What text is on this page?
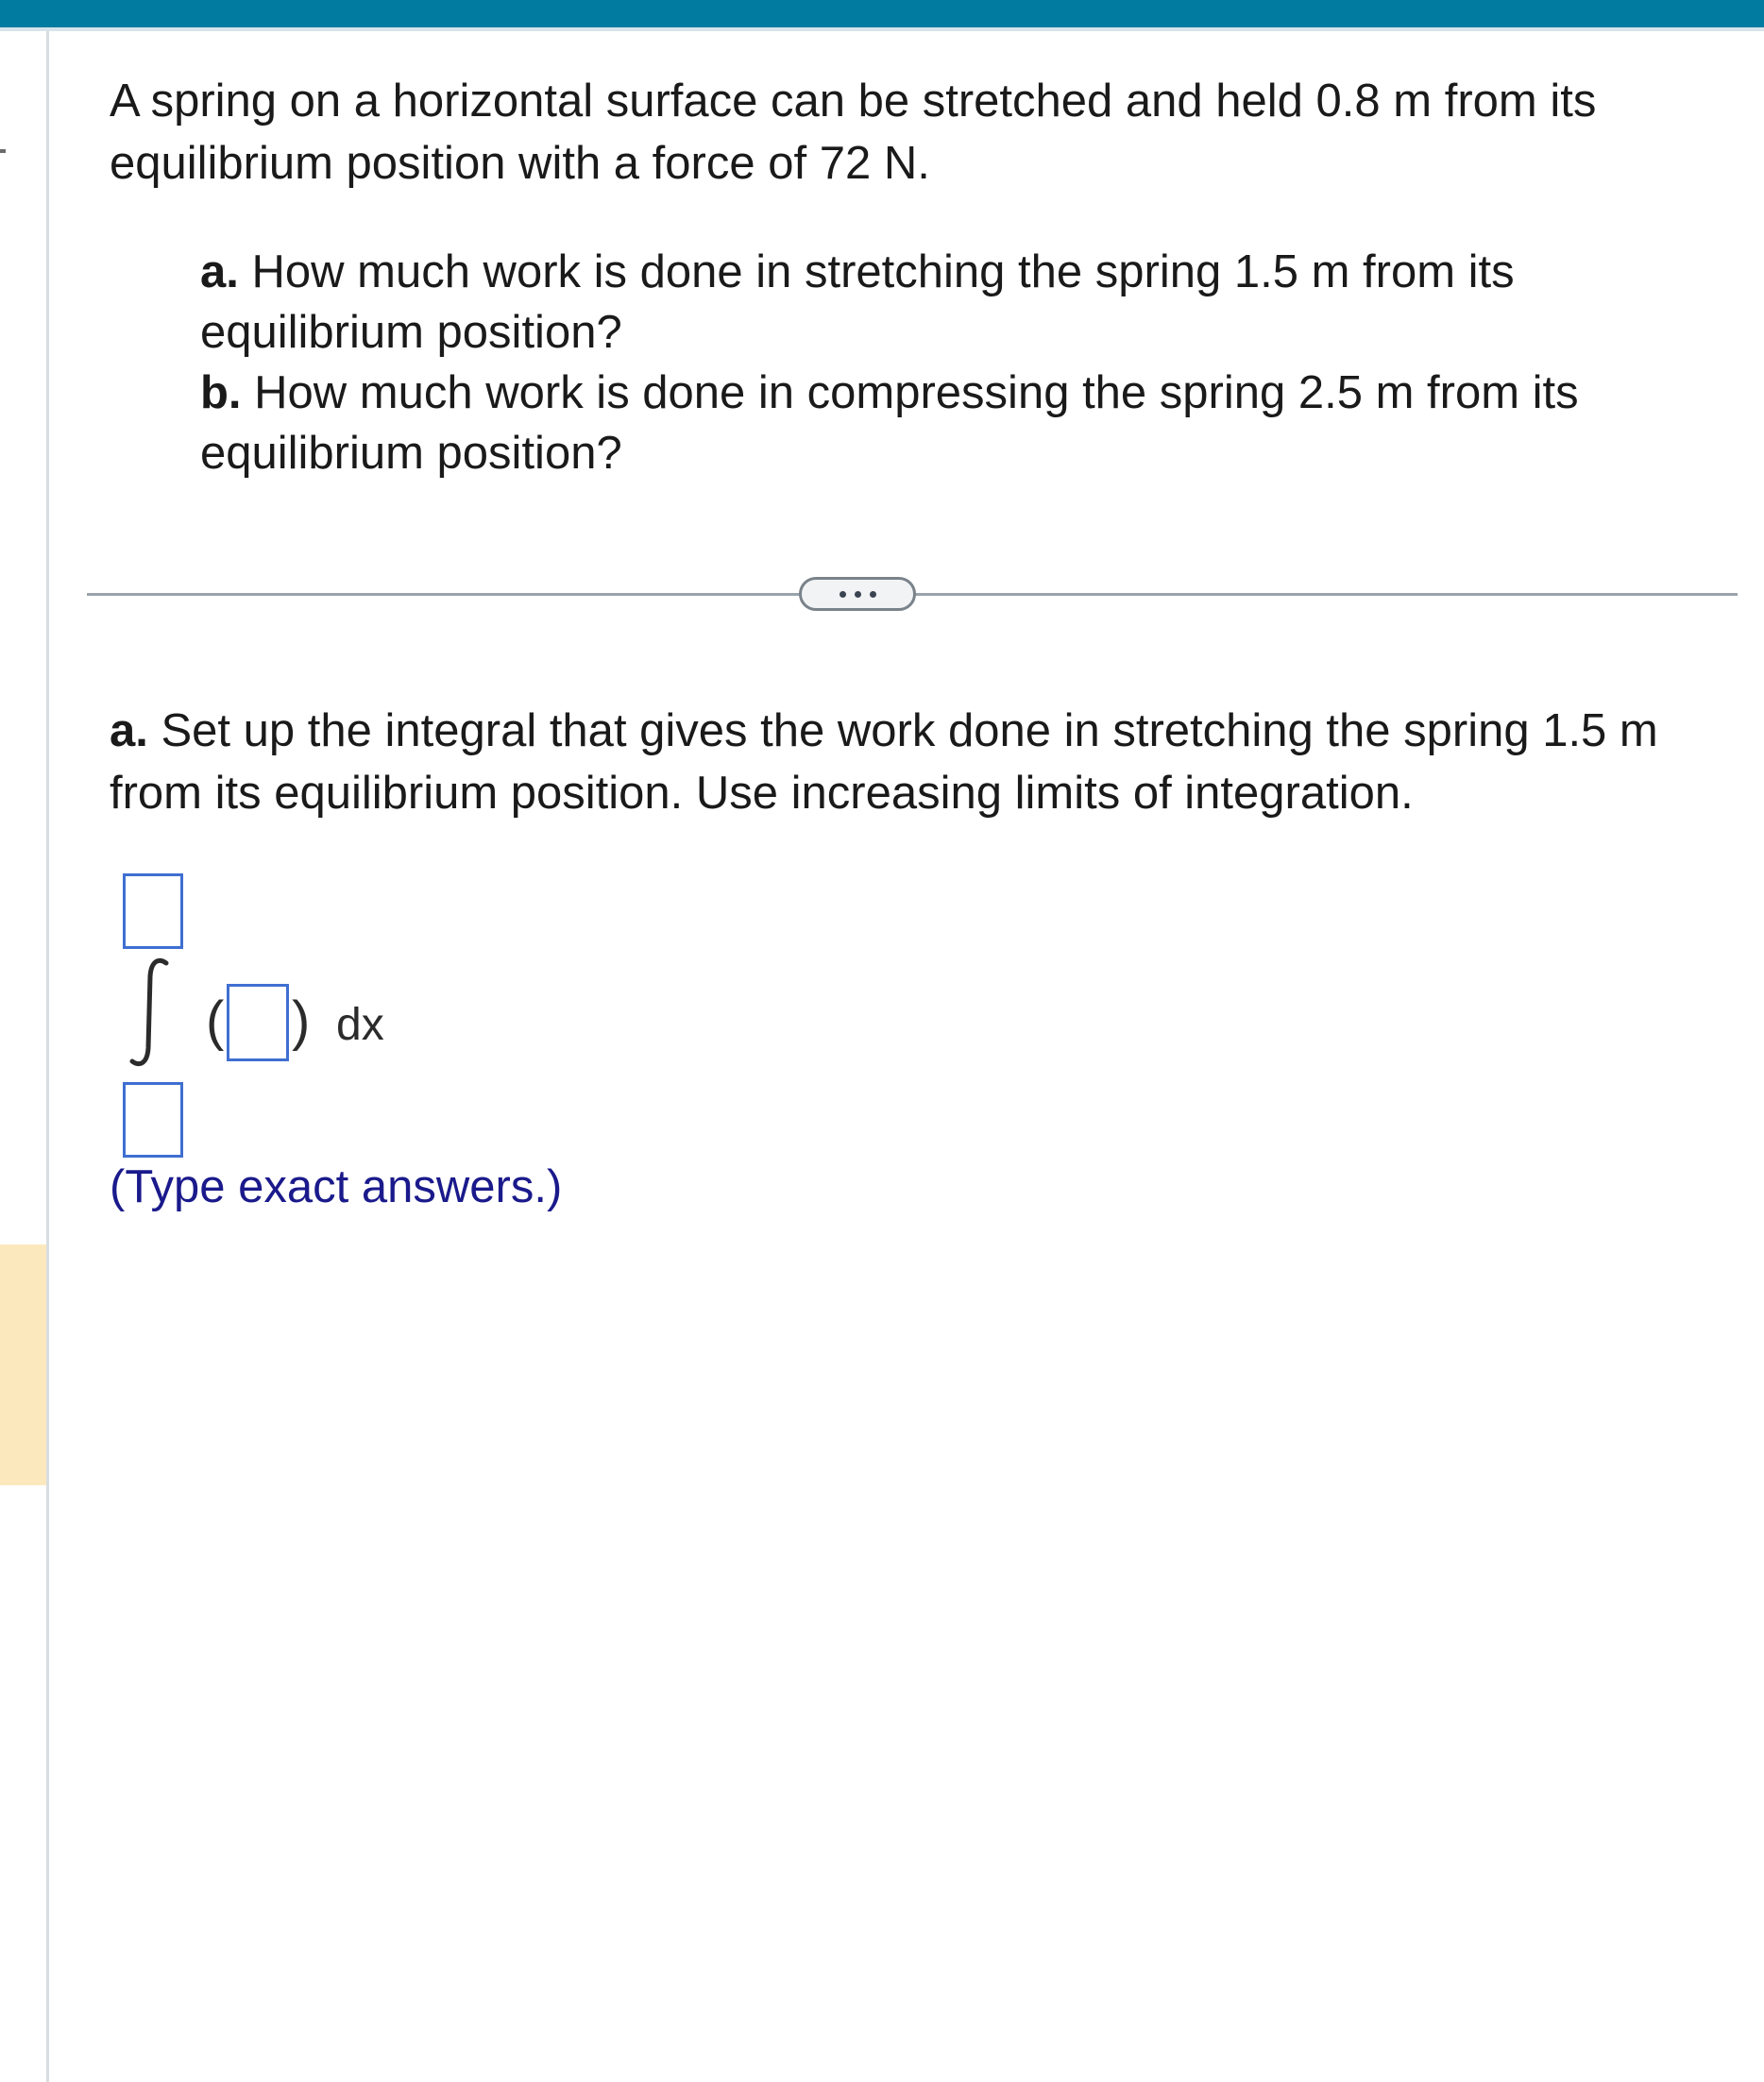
A spring on a horizontal surface can be stretched and held 0.8 m from its equilibrium position with a force of 72 N.

a. How much work is done in stretching the spring 1.5 m from its equilibrium position?

b. How much work is done in compressing the spring 2.5 m from its equilibrium position?

a. Set up the integral that gives the work done in stretching the spring 1.5 m from its equilibrium position. Use increasing limits of integration.

( ) dx

(Type exact answers.)
